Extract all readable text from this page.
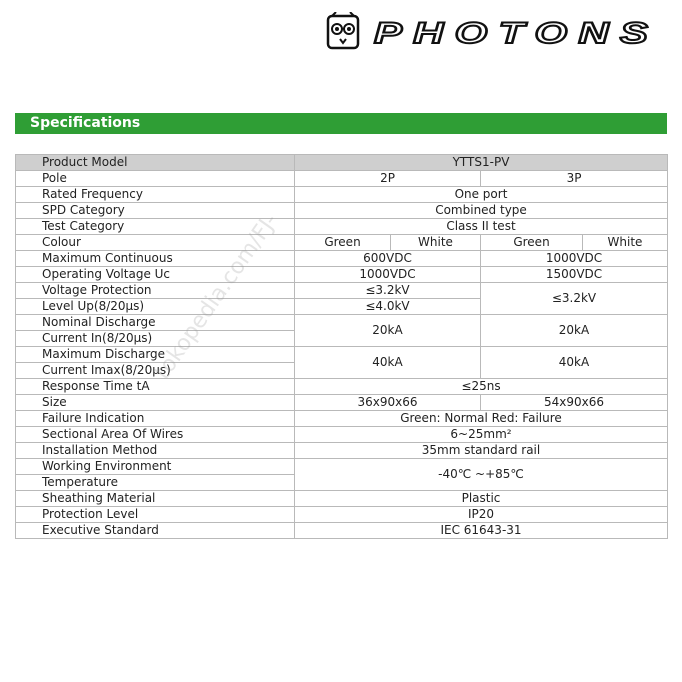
PHOTONS
Specifications
Product Model	YTTS1-PV			
Pole	2P		3P	
Rated Frequency	One port			
SPD Category	Combined type			
Test Category	Class II test			
Colour	Green	White	Green	White
Maximum Continuous	600VDC		1000VDC	
Operating Voltage Uc	1000VDC		1500VDC	
Voltage Protection	≤3.2kV		≤3.2kV	
Level Up(8/20μs)	≤4.0kV			
Nominal Discharge	20kA		20kA	
Current In(8/20μs)				
Maximum Discharge	40kA		40kA	
Current Imax(8/20μs)				
Response Time tA	≤25ns			
Size	36x90x66		54x90x66	
Failure Indication	Green: Normal Red: Failure			
Sectional Area Of Wires	6~25mm²			
Installation Method	35mm standard rail			
Working Environment	-40℃ ~+85℃			
Temperature				
Sheathing Material	Plastic			
Protection Level	IP20			
Executive Standard	IEC 61643-31			
tokopedia.com/FJ-
